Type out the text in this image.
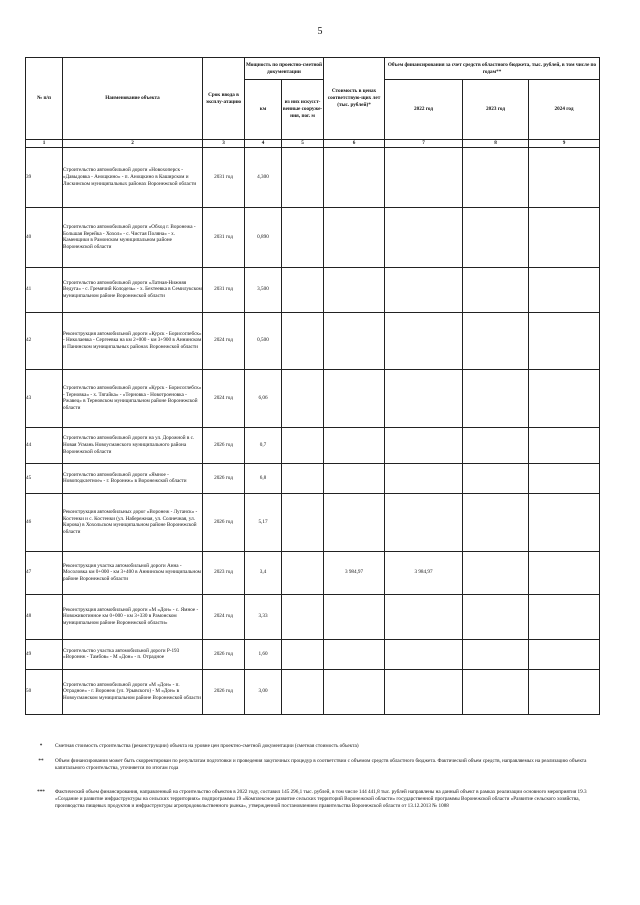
5
№ п/п	Наименование объекта	Срок ввода в эксплу-атацию	Мощность по проектно-сметной документации		Стоимость в ценах соответствую-щих лет (тыс. рублей)*	Объем финансирования за счет средств областного бюджета, тыс. рублей, в том числе по годам**		
			км	из них искусст-венные сооруже-ния, пог. м		2022 год	2023 год	2024 год
1	2	3	4	5	6	7	8	9
39	Строительство автомобильной дороги «Новохоперск - «Давыдовка - Анощкино» - п. Анощкино в Каширском и Лискинском муниципальных районах Воронежской области	2031 год	4,300					
40	Строительство автомобильной дороги «Обход г. Воронежа - Большая Верейка - Хохол» - с. Чистая Поляна» - х. Каменщики в Рамонском муниципальном районе Воронежской области	2031 год	0,890					
41	Строительство автомобильной дороги «Латная-Нижняя Ведуга» - с. Гремячий Колодезь» - х. Бехтеевка в Семилукском муниципальном районе Воронежской области	2031 год	3,500					
42	Реконструкция автомобильной дороги «Курск - Борисоглебск» - Николаевка - Сергеевка на км 2+000 - км 3+900 в Аннинском и Панинском муниципальных районах Воронежской области	2024 год	0,500					
43	Строительство автомобильной дороги «Курск - Борисоглебск» - Терновка» - х. Тягайка» - «Терновка - Новотроеновка - Ржавец» в Терновском муниципальном районе Воронежской области	2024 год	6,06					
44	Строительство автомобильной дороги на ул. Дорожной в с. Новая Усмань Новоусманского муниципального района Воронежской области	2026 год	0,7					
45	Строительство автомобильной дороги «Ямное - Новоподклетное» - г. Воронеж» в Воронежской области	2026 год	6,8					
46	Реконструкция автомобильных дорог «Воронеж - Луганск» - Костенки и с. Костенки (ул. Набережная, ул. Солнечная, ул. Кирова) в Хохольском муниципальном районе Воронежской области	2026 год	5,17					
47	Реконструкция участка автомобильной дороги Анна - Мосоловка км 0+000 - км 3+400 в Аннинском муниципальном районе Воронежской области	2023 год	3,4		3 984,97	3 984,97		
48	Реконструкция автомобильной дороги «М «Дон» - с. Ямное - Новоживотинное км 0+000 - км 3+330 в Рамонском муниципальном районе Воронежской области»	2024 год	3,33					
49	Строительство участка автомобильной дороги Р-193 «Воронеж - Тамбов» - М «Дон» - п. Отрадное	2026 год	1,60					
50	Строительство автомобильной дороги «М «Дон» - п. Отрадное» - г. Воронеж (ул. Урывского) - М «Дон» в Новоусманском муниципальном районе Воронежской области	2026 год	3,00					
*	Сметная стоимость строительства (реконструкции) объекта на уровне цен проектно-сметной документации (сметная стоимость объекта)
**	Объем финансирования может быть скорректирован по результатам подготовки и проведения закупочных процедур в соответствии с объемом средств областного бюджета. Фактический объем средств, направляемых на реализацию объекта капитального строительства, уточняется по итогам года
***	Фактический объем финансирования, направленный на строительство объектов в 2022 году, составил 145 296,1 тыс. рублей, в том числе 144 441,8 тыс. рублей направлены на данный объект в рамках реализации основного мероприятия 19.3 «Создание и развитие инфраструктуры на сельских территориях» подпрограммы 19 «Комплексное развитие сельских территорий Воронежской области» государственной программы Воронежской области «Развитие сельского хозяйства, производства пищевых продуктов и инфраструктуры агропродовольственного рынка», утвержденной постановлением правительства Воронежской области от 13.12.2013 № 1088
